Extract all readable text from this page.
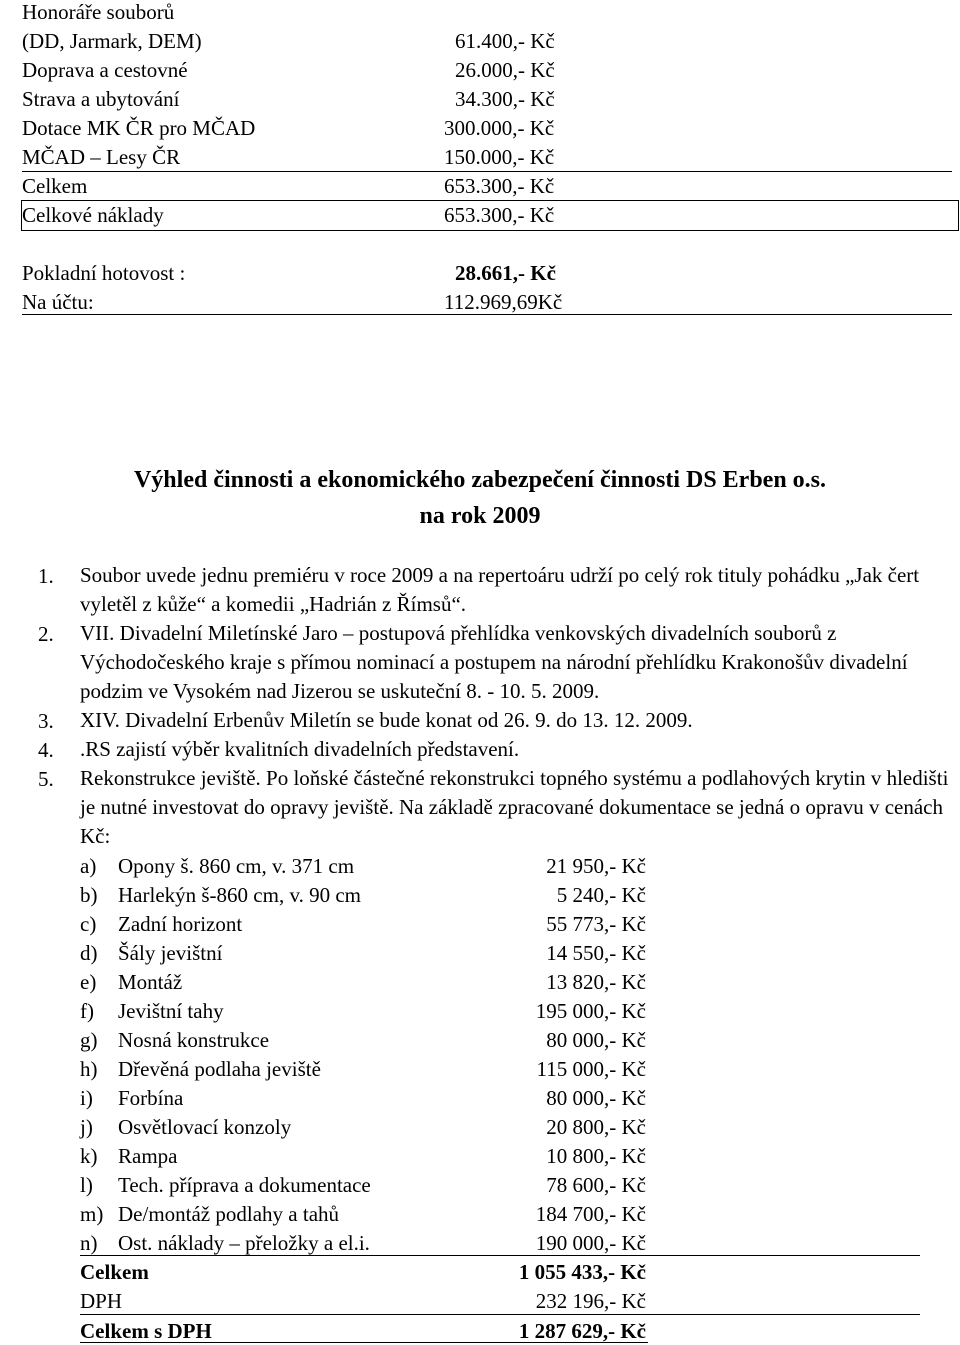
Honoráře souborů
(DD, Jarmark, DEM)	61.400,- Kč
Doprava a cestovné	26.000,- Kč
Strava a ubytování	34.300,- Kč
Dotace MK ČR pro MČAD	300.000,- Kč
MČAD – Lesy ČR	150.000,- Kč
Celkem	653.300,- Kč
Celkové náklady	653.300,- Kč
Pokladní hotovost :	28.661,- Kč
Na účtu:	112.969,69Kč
Výhled činnosti a ekonomického zabezpečení činnosti DS Erben o.s.
na rok 2009
1. Soubor uvede jednu premiéru v roce 2009 a na repertoáru udrží po celý rok tituly pohádku „Jak čert vyletěl z kůže“ a komedii „Hadrián z Římsů“.
2. VII. Divadelní Miletínské Jaro – postupová přehlídka venkovských divadelních souborů z Východočeského kraje s přímou nominací a postupem na národní přehlídku Krakonošův divadelní podzim ve Vysokém nad Jizerou se uskuteční 8. - 10. 5. 2009.
3. XIV. Divadelní Erbenův Miletín se bude konat od 26. 9. do 13. 12. 2009.
4. .RS zajistí výběr kvalitních divadelních představení.
5. Rekonstrukce jeviště. Po loňské částečné rekonstrukci topného systému a podlahových krytin v hledišti je nutné investovat do opravy jeviště. Na základě zpracované dokumentace se jedná o opravu v cenách Kč:
a) Opony š. 860 cm, v. 371 cm	21 950,- Kč
b) Harlekýn š-860 cm, v. 90 cm	5 240,- Kč
c) Zadní horizont	55 773,- Kč
d) Šály jevištní	14 550,- Kč
e) Montáž	13 820,- Kč
f) Jevištní tahy	195 000,- Kč
g) Nosná konstrukce	80 000,- Kč
h) Dřevěná podlaha jeviště	115 000,- Kč
i) Forbína	80 000,- Kč
j) Osvětlovací konzoly	20 800,- Kč
k) Rampa	10 800,- Kč
l) Tech. příprava a dokumentace	78 600,- Kč
m) De/montáž podlahy a tahů	184 700,- Kč
n) Ost. náklady – přeložky a el.i.	190 000,- Kč
Celkem	1 055 433,- Kč
DPH	232 196,- Kč
Celkem s DPH	1 287 629,- Kč
